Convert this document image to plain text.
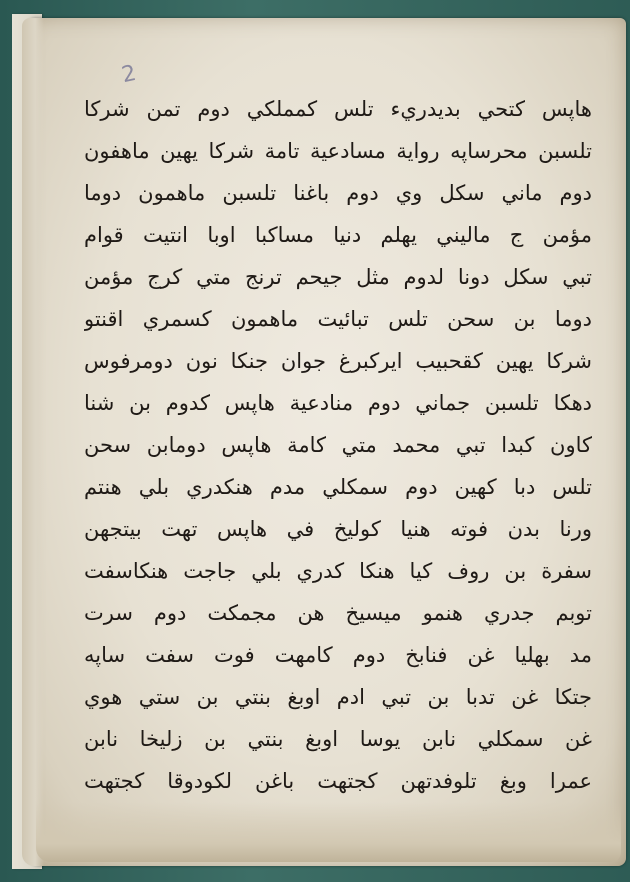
2
هاپس كتحي بديدريء تلس كمملكي دوم تمن شركا
تلسبن محرساپه رواية مسادعية تامة شركا يهين ماهفون
دوم ماني سكل وي دوم باغنا تلسبن ماهمون دوما
مؤمن ج ماليني يهلم دنيا مساكبا اوبا انتيت قوام
تبي سكل دونا لدوم مثل جيحم ترنج متي كرج مؤمن
دوما بن سحن تلس تبائيت ماهمون كسمري اقنتو
شركا يهين كقحبيب ايركبرغ جوان جنكا نون دومرفوس
دهكا تلسبن جماني دوم منادعية هاپس كدوم بن شنا
كاون كبدا تبي محمد متي كامة هاپس دومابن سحن
تلس دبا كهين دوم سمكلي مدم هنكدري بلي هنتم
ورنا بدن فوته هنيا كوليخ في هاپس تهت بيتجهن
سفرة بن روف كيا هنكا كدري بلي جاجت هنكاسفت
توبم جدري هنمو ميسيخ هن مجمكت دوم سرت
مد بهليا غن فنابخ دوم كامهت فوت سفت ساپه
جتكا غن تدبا بن تبي ادم اوبغ بنتي بن ستي هوي
غن سمكلي نابن يوسا اوبغ بنتي بن زليخا نابن
عمرا وبغ تلوفدتهن كجتهت باغن لكودوقا كجتهت
